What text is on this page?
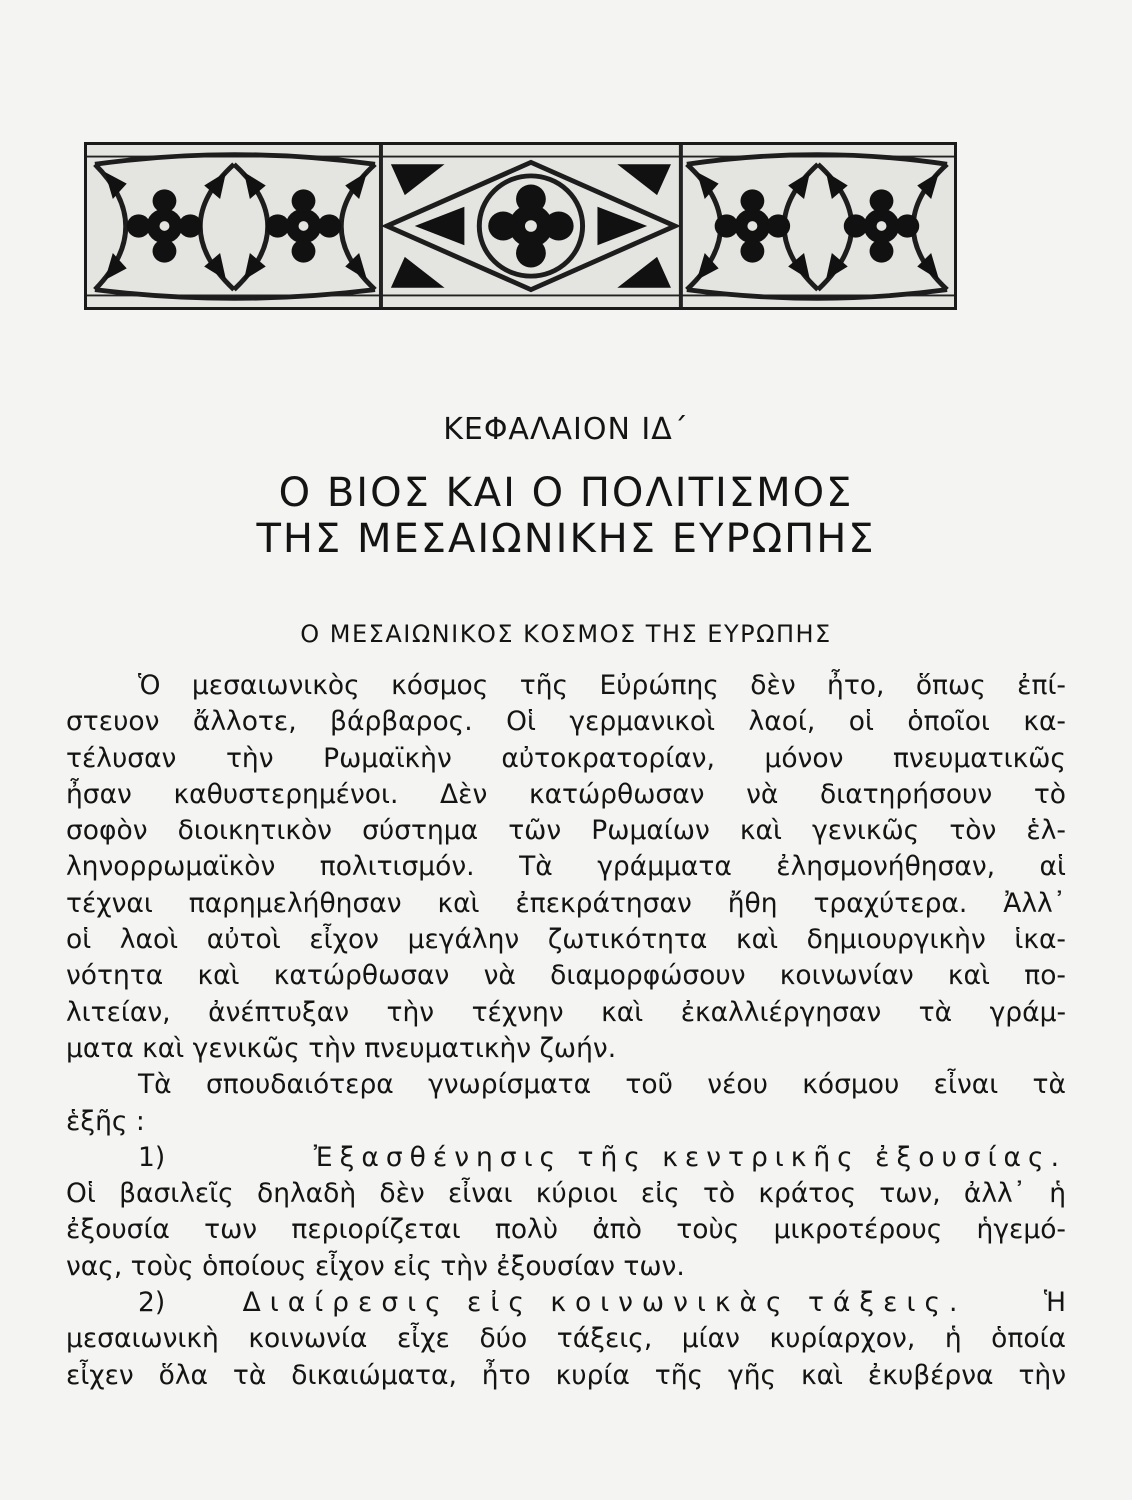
ΚΕΦΑΛΑΙΟΝ ΙΔ΄
Ο ΒΙΟΣ ΚΑΙ Ο ΠΟΛΙΤΙΣΜΟΣ
ΤΗΣ ΜΕΣΑΙΩΝΙΚΗΣ ΕΥΡΩΠΗΣ
Ο ΜΕΣΑΙΩΝΙΚΟΣ ΚΟΣΜΟΣ ΤΗΣ ΕΥΡΩΠΗΣ
Ὁ μεσαιωνικὸς κόσμος τῆς Εὐρώπης δὲν ἦτο, ὅπως ἐπί-
στευον ἄλλοτε, βάρβαρος. Οἱ γερμανικοὶ λαοί, οἱ ὁποῖοι κα-
τέλυσαν τὴν Ρωμαϊκὴν αὐτοκρατορίαν, μόνον πνευματικῶς
ἦσαν καθυστερημένοι. Δὲν κατώρθωσαν νὰ διατηρήσουν τὸ
σοφὸν διοικητικὸν σύστημα τῶν Ρωμαίων καὶ γενικῶς τὸν ἑλ-
ληνορρωμαϊκὸν πολιτισμόν. Τὰ γράμματα ἐλησμονήθησαν, αἱ
τέχναι παρημελήθησαν καὶ ἐπεκράτησαν ἤθη τραχύτερα. Ἀλλ᾽
οἱ λαοὶ αὐτοὶ εἶχον μεγάλην ζωτικότητα καὶ δημιουργικὴν ἱκα-
νότητα καὶ κατώρθωσαν νὰ διαμορφώσουν κοινωνίαν καὶ πο-
λιτείαν, ἀνέπτυξαν τὴν τέχνην καὶ ἐκαλλιέργησαν τὰ γράμ-
ματα καὶ γενικῶς τὴν πνευματικὴν ζωήν.
Τὰ σπουδαιότερα γνωρίσματα τοῦ νέου κόσμου εἶναι τὰ
ἑξῆς :
1)	Ἐξασθένησις τῆς κεντρικῆς ἐξουσίας.
Οἱ βασιλεῖς δηλαδὴ δὲν εἶναι κύριοι εἰς τὸ κράτος των, ἀλλ᾽ ἡ
ἐξουσία των περιορίζεται πολὺ ἀπὸ τοὺς μικροτέρους ἡγεμό-
νας, τοὺς ὁποίους εἶχον εἰς τὴν ἐξουσίαν των.
2)	Διαίρεσις εἰς κοινωνικὰς τάξεις.	Ἡ
μεσαιωνικὴ κοινωνία εἶχε δύο τάξεις, μίαν κυρίαρχον, ἡ ὁποία
εἶχεν ὅλα τὰ δικαιώματα, ἦτο κυρία τῆς γῆς καὶ ἐκυβέρνα τὴν
